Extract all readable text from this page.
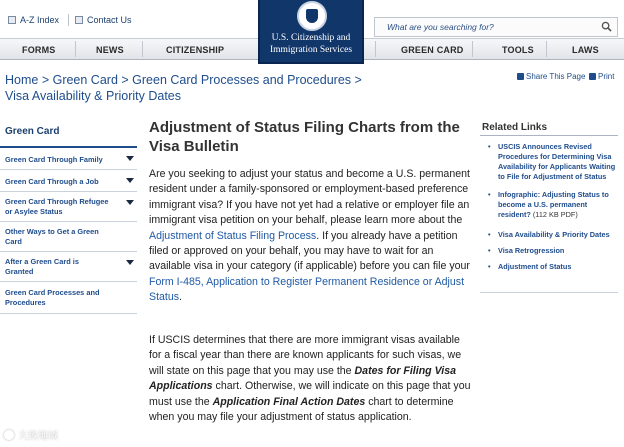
A-Z Index	Contact Us
U.S. Citizenship and
Immigration Services
What are you searching for?
FORMS	NEWS	CITIZENSHIP	GREEN CARD	TOOLS	LAWS
Home > Green Card > Green Card Processes and Procedures >
Visa Availability & Priority Dates
Share This Page Print
Green Card
Green Card Through Family
Green Card Through a Job
Green Card Through Refugee or Asylee Status
Other Ways to Get a Green Card
After a Green Card is Granted
Green Card Processes and Procedures
Adjustment of Status Filing Charts from the Visa Bulletin
Are you seeking to adjust your status and become a U.S. permanent resident under a family-sponsored or employment-based preference immigrant visa? If you have not yet had a relative or employer file an immigrant visa petition on your behalf, please learn more about the Adjustment of Status Filing Process. If you already have a petition filed or approved on your behalf, you may have to wait for an available visa in your category (if applicable) before you can file your Form I-485, Application to Register Permanent Residence or Adjust Status.
If USCIS determines that there are more immigrant visas available for a fiscal year than there are known applicants for such visas, we will state on this page that you may use the Dates for Filing Visa Applications chart. Otherwise, we will indicate on this page that you must use the Application Final Action Dates chart to determine when you may file your adjustment of status application.
Related Links
• USCIS Announces Revised Procedures for Determining Visa Availability for Applicants Waiting to File for Adjustment of Status
• Infographic: Adjusting Status to become a U.S. permanent resident? (112 KB PDF)
• Visa Availability & Priority Dates
• Visa Retrogression
• Adjustment of Status
大致地域
